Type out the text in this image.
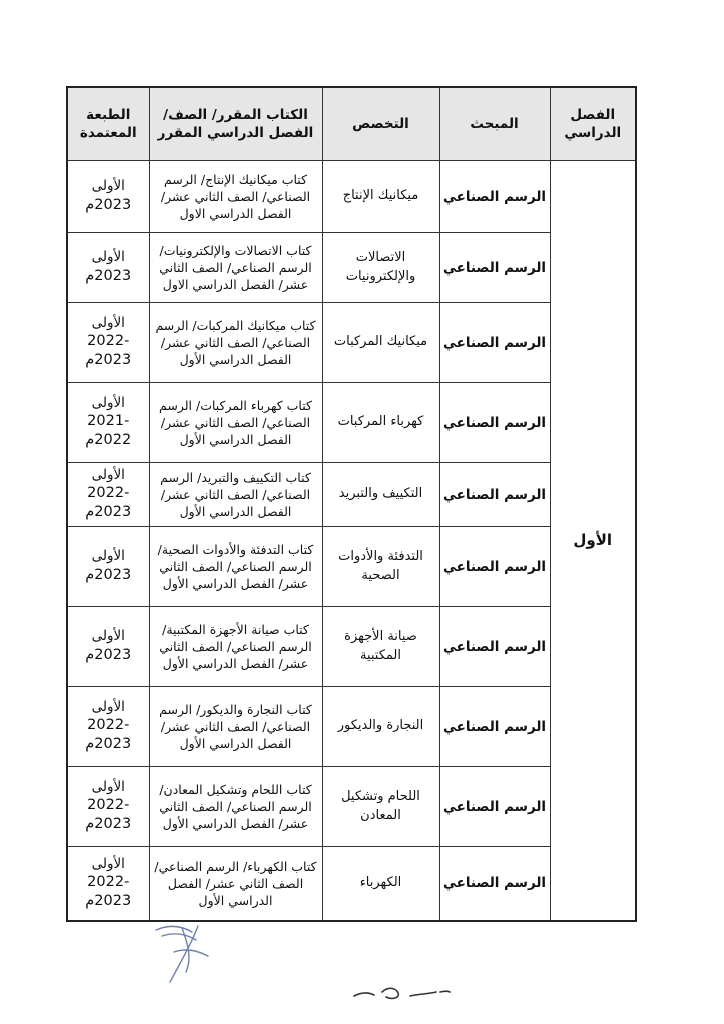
الفصل الدراسي	المبحث	التخصص	الكتاب المقرر/ الصف/ الفصل الدراسي المقرر	الطبعة المعتمدة
الأول	الرسم الصناعي	ميكانيك الإنتاج	كتاب ميكانيك الإنتاج/ الرسم الصناعي/ الصف الثاني عشر/ الفصل الدراسي الاول	الأولى
2023م

	الرسم الصناعي	الاتصالات والإلكترونيات	كتاب الاتصالات والإلكترونيات/ الرسم الصناعي/ الصف الثاني عشر/ الفصل الدراسي الاول	الأولى
2023م

	الرسم الصناعي	ميكانيك المركبات	كتاب ميكانيك المركبات/ الرسم الصناعي/ الصف الثاني عشر/ الفصل الدراسي الأول	الأولى
2022-2023م

	الرسم الصناعي	كهرباء المركبات	كتاب كهرباء المركبات/ الرسم الصناعي/ الصف الثاني عشر/ الفصل الدراسي الأول	الأولى
2021-2022م

	الرسم الصناعي	التكييف والتبريد	كتاب التكييف والتبريد/ الرسم الصناعي/ الصف الثاني عشر/ الفصل الدراسي الأول	الأولى
2022-2023م

	الرسم الصناعي	التدفئة والأدوات الصحية	كتاب التدفئة والأدوات الصحية/ الرسم الصناعي/ الصف الثاني عشر/ الفصل الدراسي الأول	الأولى
2023م

	الرسم الصناعي	صيانة الأجهزة المكتبية	كتاب صيانة الأجهزة المكتبية/ الرسم الصناعي/ الصف الثاني عشر/ الفصل الدراسي الأول	الأولى
2023م

	الرسم الصناعي	النجارة والديكور	كتاب النجارة والديكور/ الرسم الصناعي/ الصف الثاني عشر/ الفصل الدراسي الأول	الأولى
2022-2023م

	الرسم الصناعي	اللحام وتشكيل المعادن	كتاب اللحام وتشكيل المعادن/ الرسم الصناعي/ الصف الثاني عشر/ الفصل الدراسي الأول	الأولى
2022-2023م

	الرسم الصناعي	الكهرباء	كتاب الكهرباء/ الرسم الصناعي/ الصف الثاني عشر/ الفصل الدراسي الأول	الأولى
2022-2023م
